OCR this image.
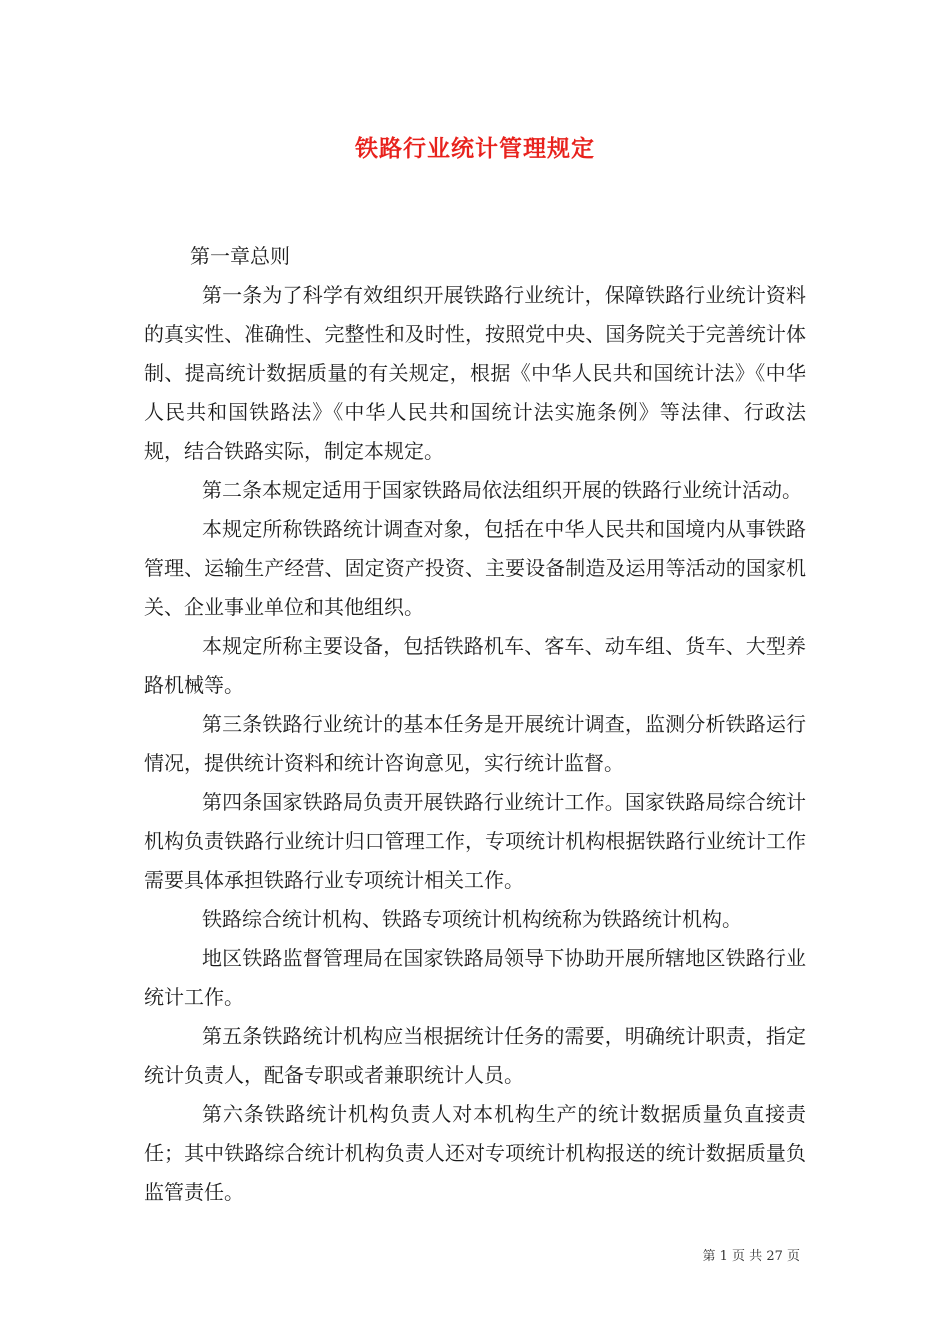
铁路行业统计管理规定

第一章总则

第一条为了科学有效组织开展铁路行业统计，保障铁路行业统计资料的真实性、准确性、完整性和及时性，按照党中央、国务院关于完善统计体制、提高统计数据质量的有关规定，根据《中华人民共和国统计法》《中华人民共和国铁路法》《中华人民共和国统计法实施条例》等法律、行政法规，结合铁路实际，制定本规定。

第二条本规定适用于国家铁路局依法组织开展的铁路行业统计活动。

本规定所称铁路统计调查对象，包括在中华人民共和国境内从事铁路管理、运输生产经营、固定资产投资、主要设备制造及运用等活动的国家机关、企业事业单位和其他组织。

本规定所称主要设备，包括铁路机车、客车、动车组、货车、大型养路机械等。

第三条铁路行业统计的基本任务是开展统计调查，监测分析铁路运行情况，提供统计资料和统计咨询意见，实行统计监督。

第四条国家铁路局负责开展铁路行业统计工作。国家铁路局综合统计机构负责铁路行业统计归口管理工作，专项统计机构根据铁路行业统计工作需要具体承担铁路行业专项统计相关工作。

铁路综合统计机构、铁路专项统计机构统称为铁路统计机构。

地区铁路监督管理局在国家铁路局领导下协助开展所辖地区铁路行业统计工作。

第五条铁路统计机构应当根据统计任务的需要，明确统计职责，指定统计负责人，配备专职或者兼职统计人员。

第六条铁路统计机构负责人对本机构生产的统计数据质量负直接责任；其中铁路综合统计机构负责人还对专项统计机构报送的统计数据质量负监管责任。

第 1 页 共 27 页
